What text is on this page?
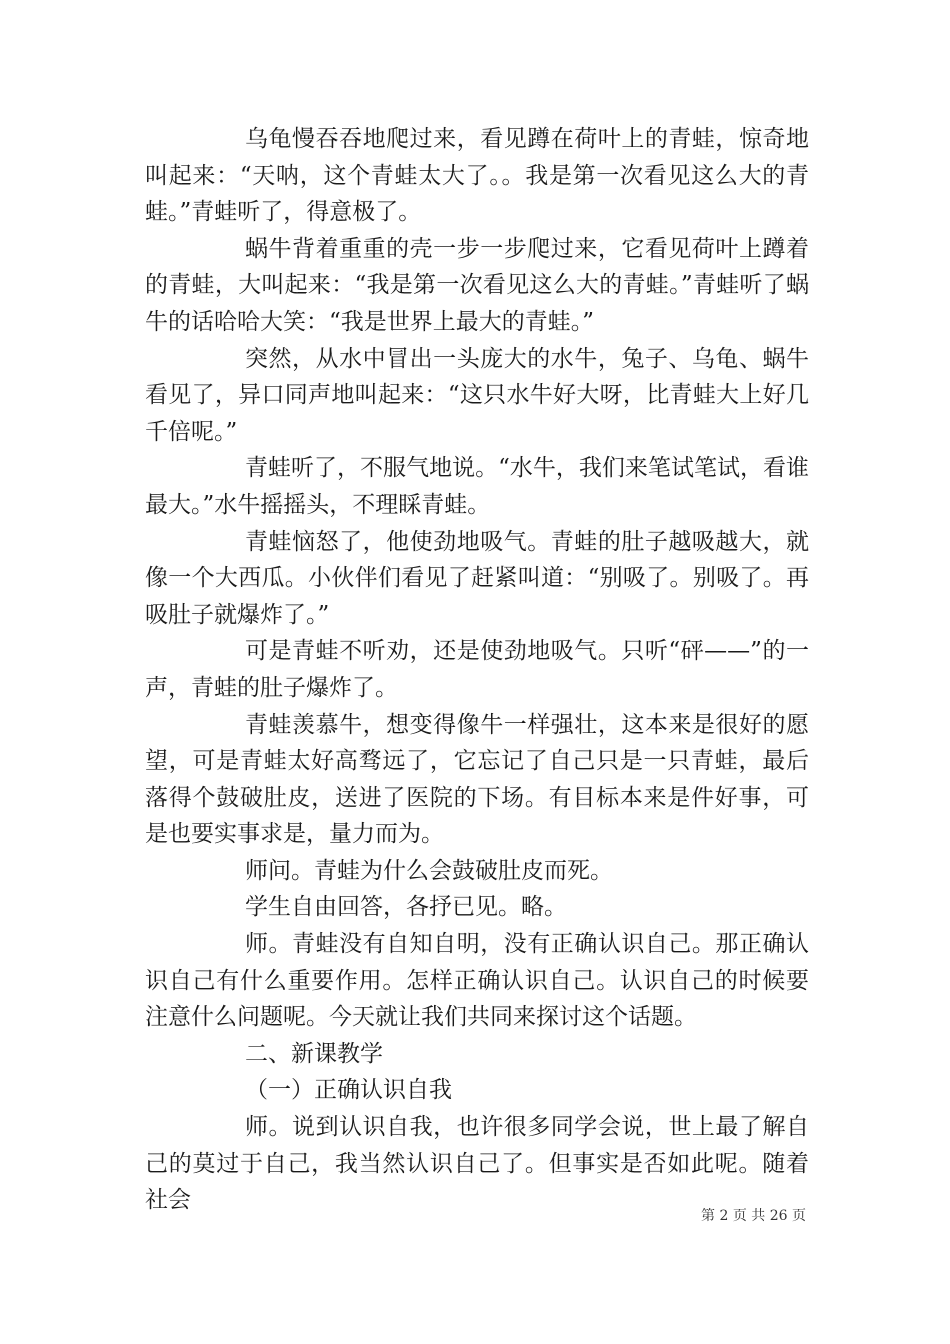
乌龟慢吞吞地爬过来，看见蹲在荷叶上的青蛙，惊奇地叫起来：“天呐，这个青蛙太大了。。我是第一次看见这么大的青蛙。”青蛙听了，得意极了。

蜗牛背着重重的壳一步一步爬过来，它看见荷叶上蹲着的青蛙，大叫起来：“我是第一次看见这么大的青蛙。”青蛙听了蜗牛的话哈哈大笑：“我是世界上最大的青蛙。”

突然，从水中冒出一头庞大的水牛，兔子、乌龟、蜗牛看见了，异口同声地叫起来：“这只水牛好大呀，比青蛙大上好几千倍呢。”

青蛙听了，不服气地说。“水牛，我们来笔试笔试，看谁最大。”水牛摇摇头，不理睬青蛙。

青蛙恼怒了，他使劲地吸气。青蛙的肚子越吸越大，就像一个大西瓜。小伙伴们看见了赶紧叫道：“别吸了。别吸了。再吸肚子就爆炸了。”

可是青蛙不听劝，还是使劲地吸气。只听“砰——”的一声，青蛙的肚子爆炸了。

青蛙羡慕牛，想变得像牛一样强壮，这本来是很好的愿望，可是青蛙太好高骛远了，它忘记了自己只是一只青蛙，最后落得个鼓破肚皮，送进了医院的下场。有目标本来是件好事，可是也要实事求是，量力而为。

师问。青蛙为什么会鼓破肚皮而死。

学生自由回答，各抒已见。略。

师。青蛙没有自知自明，没有正确认识自己。那正确认识自己有什么重要作用。怎样正确认识自己。认识自己的时候要注意什么问题呢。今天就让我们共同来探讨这个话题。

二、新课教学

（一）正确认识自我

师。说到认识自我，也许很多同学会说，世上最了解自己的莫过于自己，我当然认识自己了。但事实是否如此呢。随着社会

第 2 页 共 26 页
